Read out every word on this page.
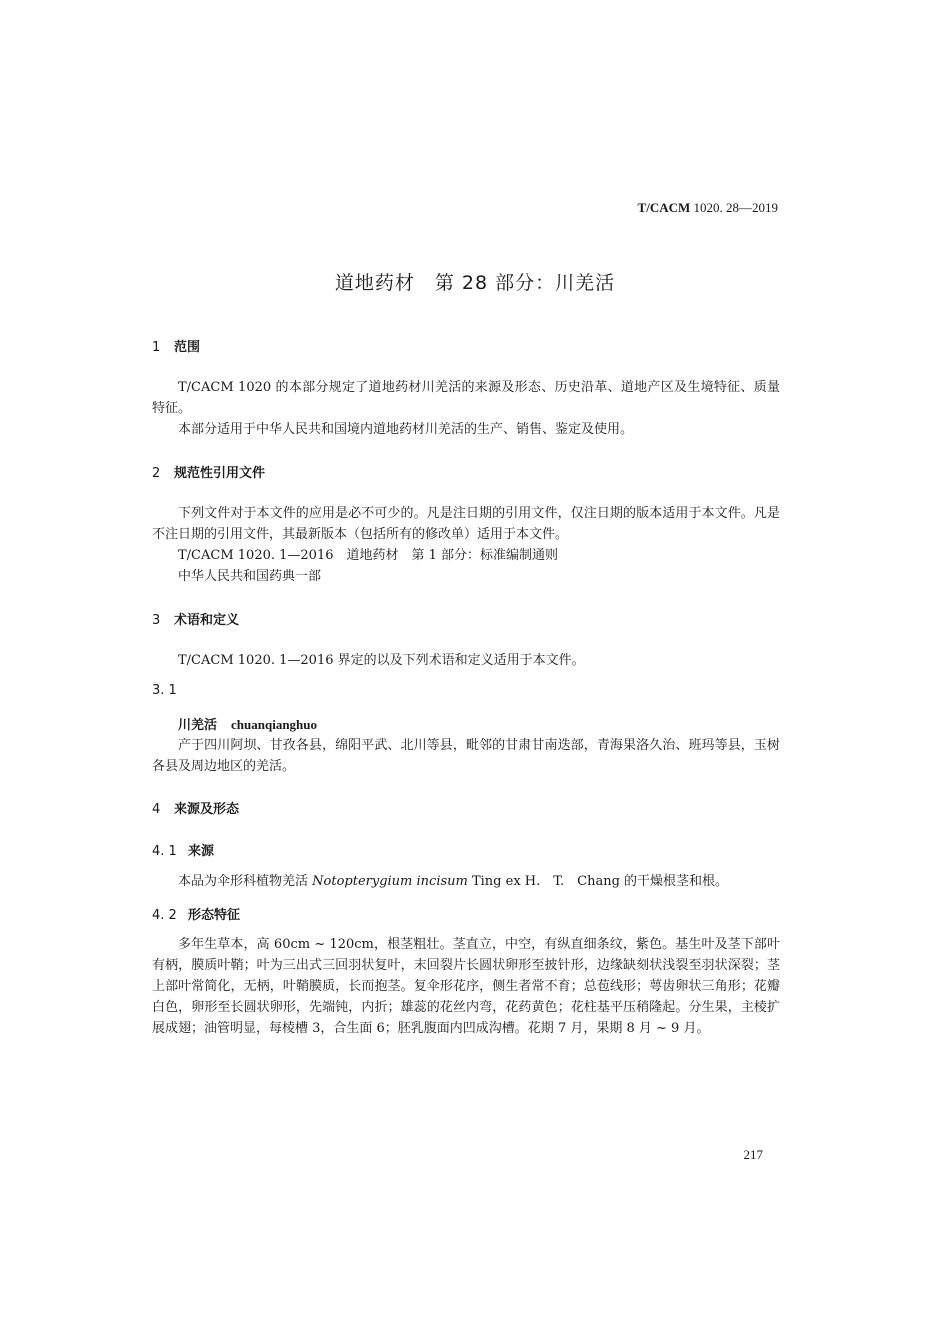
T/CACM 1020. 28—2019
道地药材　第 28 部分：川羌活
1 范围
T/CACM 1020 的本部分规定了道地药材川羌活的来源及形态、历史沿革、道地产区及生境特征、质量特征。
本部分适用于中华人民共和国境内道地药材川羌活的生产、销售、鉴定及使用。
2 规范性引用文件
下列文件对于本文件的应用是必不可少的。凡是注日期的引用文件，仅注日期的版本适用于本文件。凡是不注日期的引用文件，其最新版本（包括所有的修改单）适用于本文件。
T/CACM 1020. 1—2016　道地药材　第 1 部分：标准编制通则
中华人民共和国药典一部
3 术语和定义
T/CACM 1020. 1—2016 界定的以及下列术语和定义适用于本文件。
3. 1
川羌活 chuanqianghuo
产于四川阿坝、甘孜各县，绵阳平武、北川等县，毗邻的甘肃甘南迭部，青海果洛久治、班玛等县，玉树各县及周边地区的羌活。
4 来源及形态
4. 1 来源
本品为伞形科植物羌活 Notopterygium incisum Ting ex H.　T.　Chang 的干燥根茎和根。
4. 2 形态特征
多年生草本，高 60cm ~ 120cm，根茎粗壮。茎直立，中空，有纵直细条纹，紫色。基生叶及茎下部叶有柄，膜质叶鞘；叶为三出式三回羽状复叶，末回裂片长圆状卵形至披针形，边缘缺刻状浅裂至羽状深裂；茎上部叶常简化，无柄，叶鞘膜质，长而抱茎。复伞形花序，侧生者常不育；总苞线形；萼齿卵状三角形；花瓣白色，卵形至长圆状卵形，先端钝，内折；雄蕊的花丝内弯，花药黄色；花柱基平压稍隆起。分生果，主棱扩展成翅；油管明显，每棱槽 3，合生面 6；胚乳腹面内凹成沟槽。花期 7 月，果期 8 月 ~ 9 月。
217
